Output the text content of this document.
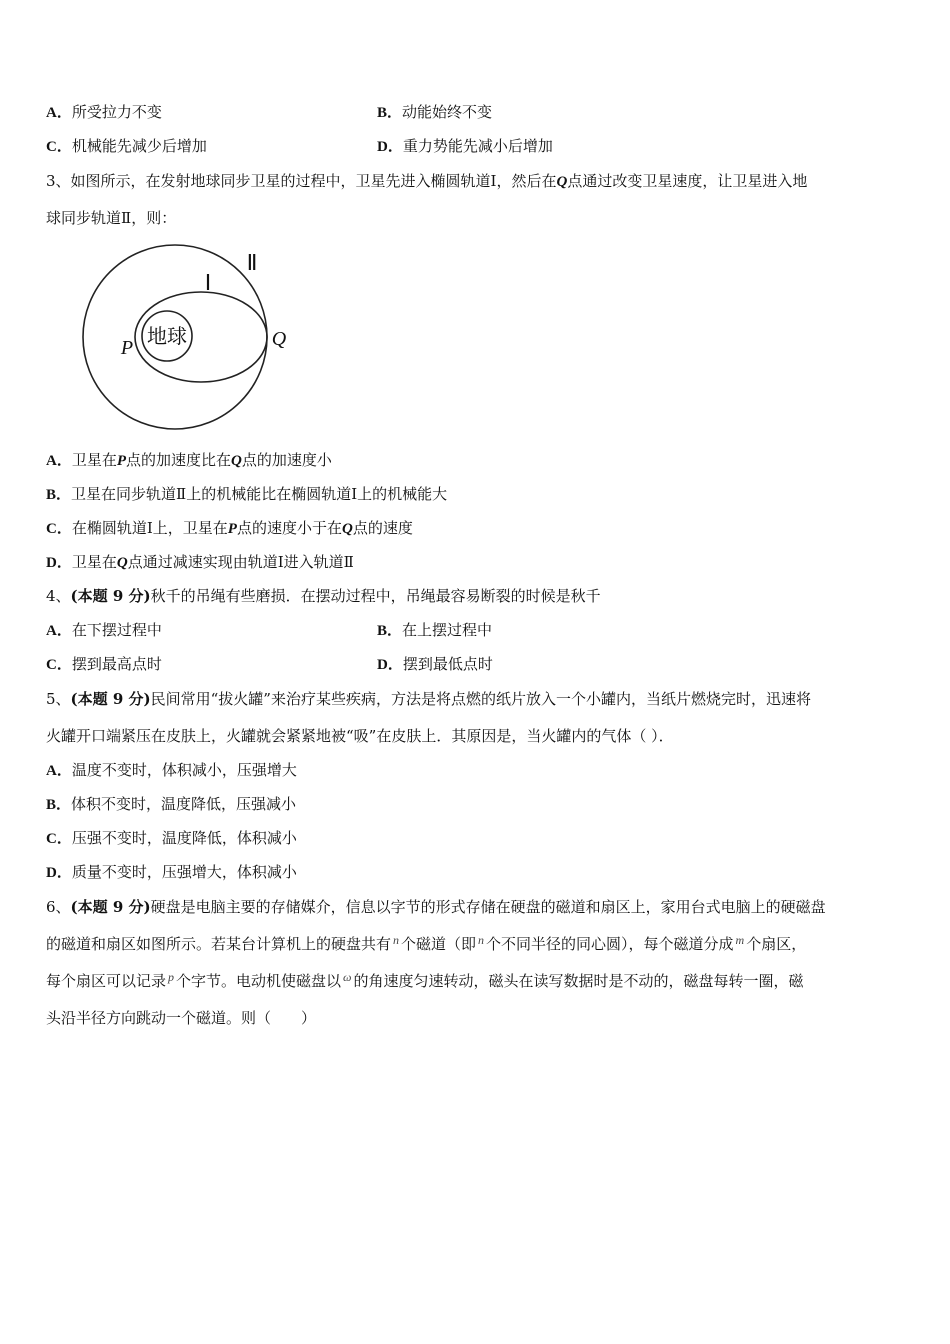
A．所受拉力不变	B．动能始终不变
C．机械能先减少后增加	D．重力势能先减小后增加
3、如图所示，在发射地球同步卫星的过程中，卫星先进入椭圆轨道Ⅰ，然后在Q点通过改变卫星速度，让卫星进入地
球同步轨道Ⅱ，则：
地球
Ⅰ
Ⅱ
P	Q
A．卫星在P点的加速度比在Q点的加速度小
B．卫星在同步轨道Ⅱ上的机械能比在椭圆轨道Ⅰ上的机械能大
C．在椭圆轨道Ⅰ上，卫星在P点的速度小于在Q点的速度
D．卫星在Q点通过减速实现由轨道Ⅰ进入轨道Ⅱ
4、(本题 9 分)秋千的吊绳有些磨损．在摆动过程中，吊绳最容易断裂的时候是秋千
A．在下摆过程中	B．在上摆过程中
C．摆到最高点时	D．摆到最低点时
5、(本题 9 分)民间常用“拔火罐”来治疗某些疾病，方法是将点燃的纸片放入一个小罐内，当纸片燃烧完时，迅速将
火罐开口端紧压在皮肤上，火罐就会紧紧地被“吸”在皮肤上．其原因是，当火罐内的气体（ ）．
A．温度不变时，体积减小，压强增大
B．体积不变时，温度降低，压强减小
C．压强不变时，温度降低，体积减小
D．质量不变时，压强增大，体积减小
6、(本题 9 分)硬盘是电脑主要的存储媒介，信息以字节的形式存储在硬盘的磁道和扇区上，家用台式电脑上的硬磁盘
的磁道和扇区如图所示。若某台计算机上的硬盘共有 $^n$ 个磁道（即 $^n$ 个不同半径的同心圆），每个磁道分成 $^m$ 个扇区，
每个扇区可以记录 $^p$ 个字节。电动机使磁盘以 $^\omega$ 的角速度匀速转动，磁头在读写数据时是不动的，磁盘每转一圈，磁
头沿半径方向跳动一个磁道。则（　　）
